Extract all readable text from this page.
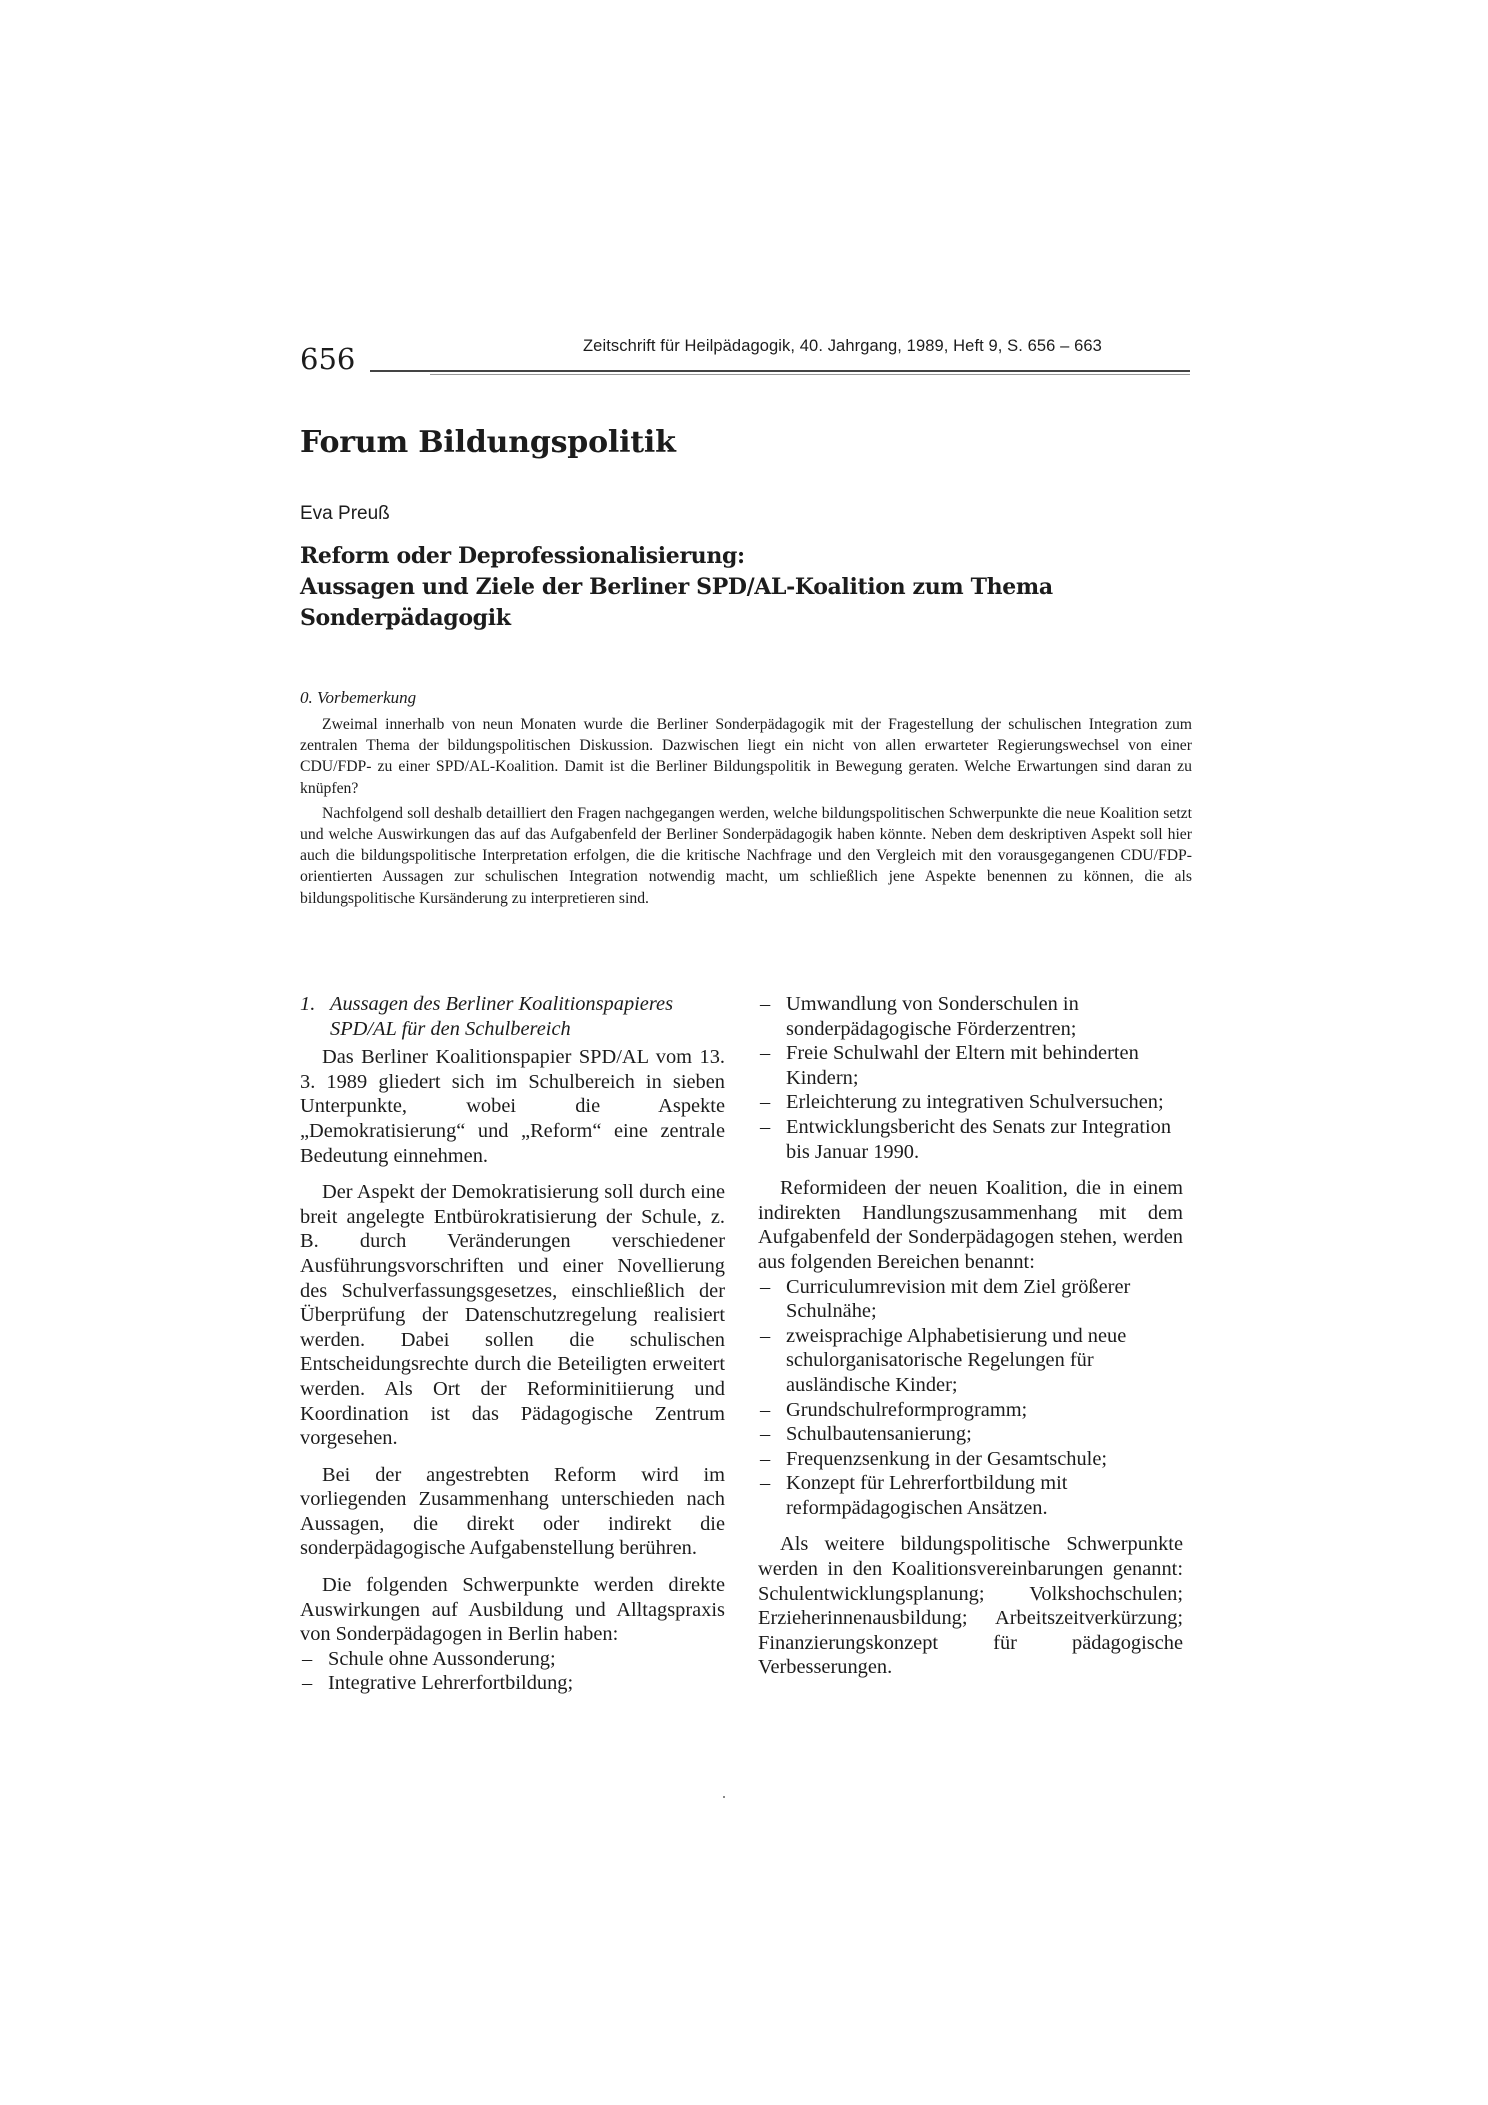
656	Zeitschrift für Heilpädagogik, 40. Jahrgang, 1989, Heft 9, S. 656 – 663
Forum Bildungspolitik
Eva Preuß
Reform oder Deprofessionalisierung:
Aussagen und Ziele der Berliner SPD/AL-Koalition zum Thema Sonderpädagogik
0. Vorbemerkung

Zweimal innerhalb von neun Monaten wurde die Berliner Sonderpädagogik mit der Fragestellung der schulischen Integration zum zentralen Thema der bildungspolitischen Diskussion. Dazwischen liegt ein nicht von allen erwarteter Regierungswechsel von einer CDU/FDP- zu einer SPD/AL-Koalition. Damit ist die Berliner Bildungspolitik in Bewegung geraten. Welche Erwartungen sind daran zu knüpfen?

Nachfolgend soll deshalb detailliert den Fragen nachgegangen werden, welche bildungspolitischen Schwerpunkte die neue Koalition setzt und welche Auswirkungen das auf das Aufgabenfeld der Berliner Sonderpädagogik haben könnte. Neben dem deskriptiven Aspekt soll hier auch die bildungspolitische Interpretation erfolgen, die die kritische Nachfrage und den Vergleich mit den vorausgegangenen CDU/FDP-orientierten Aussagen zur schulischen Integration notwendig macht, um schließlich jene Aspekte benennen zu können, die als bildungspolitische Kursänderung zu interpretieren sind.

1. Aussagen des Berliner Koalitionspapieres SPD/AL für den Schulbereich

Das Berliner Koalitionspapier SPD/AL vom 13. 3. 1989 gliedert sich im Schulbereich in sieben Unterpunkte, wobei die Aspekte „Demokratisierung“ und „Reform“ eine zentrale Bedeutung einnehmen.

Der Aspekt der Demokratisierung soll durch eine breit angelegte Entbürokratisierung der Schule, z. B. durch Veränderungen verschiedener Ausführungsvorschriften und einer Novellierung des Schulverfassungsgesetzes, einschließlich der Überprüfung der Datenschutzregelung realisiert werden. Dabei sollen die schulischen Entscheidungsrechte durch die Beteiligten erweitert werden. Als Ort der Reforminitiierung und Koordination ist das Pädagogische Zentrum vorgesehen.

Bei der angestrebten Reform wird im vorliegenden Zusammenhang unterschieden nach Aussagen, die direkt oder indirekt die sonderpädagogische Aufgabenstellung berühren.

Die folgenden Schwerpunkte werden direkte Auswirkungen auf Ausbildung und Alltagspraxis von Sonderpädagogen in Berlin haben:

– Schule ohne Aussonderung;
– Integrative Lehrerfortbildung;
– Umwandlung von Sonderschulen in sonderpädagogische Förderzentren;
– Freie Schulwahl der Eltern mit behinderten Kindern;
– Erleichterung zu integrativen Schulversuchen;
– Entwicklungsbericht des Senats zur Integration bis Januar 1990.

Reformideen der neuen Koalition, die in einem indirekten Handlungszusammenhang mit dem Aufgabenfeld der Sonderpädagogen stehen, werden aus folgenden Bereichen benannt:

– Curriculumrevision mit dem Ziel größerer Schulnähe;
– zweisprachige Alphabetisierung und neue schulorganisatorische Regelungen für ausländische Kinder;
– Grundschulreformprogramm;
– Schulbautensanierung;
– Frequenzsenkung in der Gesamtschule;
– Konzept für Lehrerfortbildung mit reformpädagogischen Ansätzen.

Als weitere bildungspolitische Schwerpunkte werden in den Koalitionsvereinbarungen genannt: Schulentwicklungsplanung; Volkshochschulen; Erzieherinnenausbildung; Arbeitszeitverkürzung; Finanzierungskonzept für pädagogische Verbesserungen.
